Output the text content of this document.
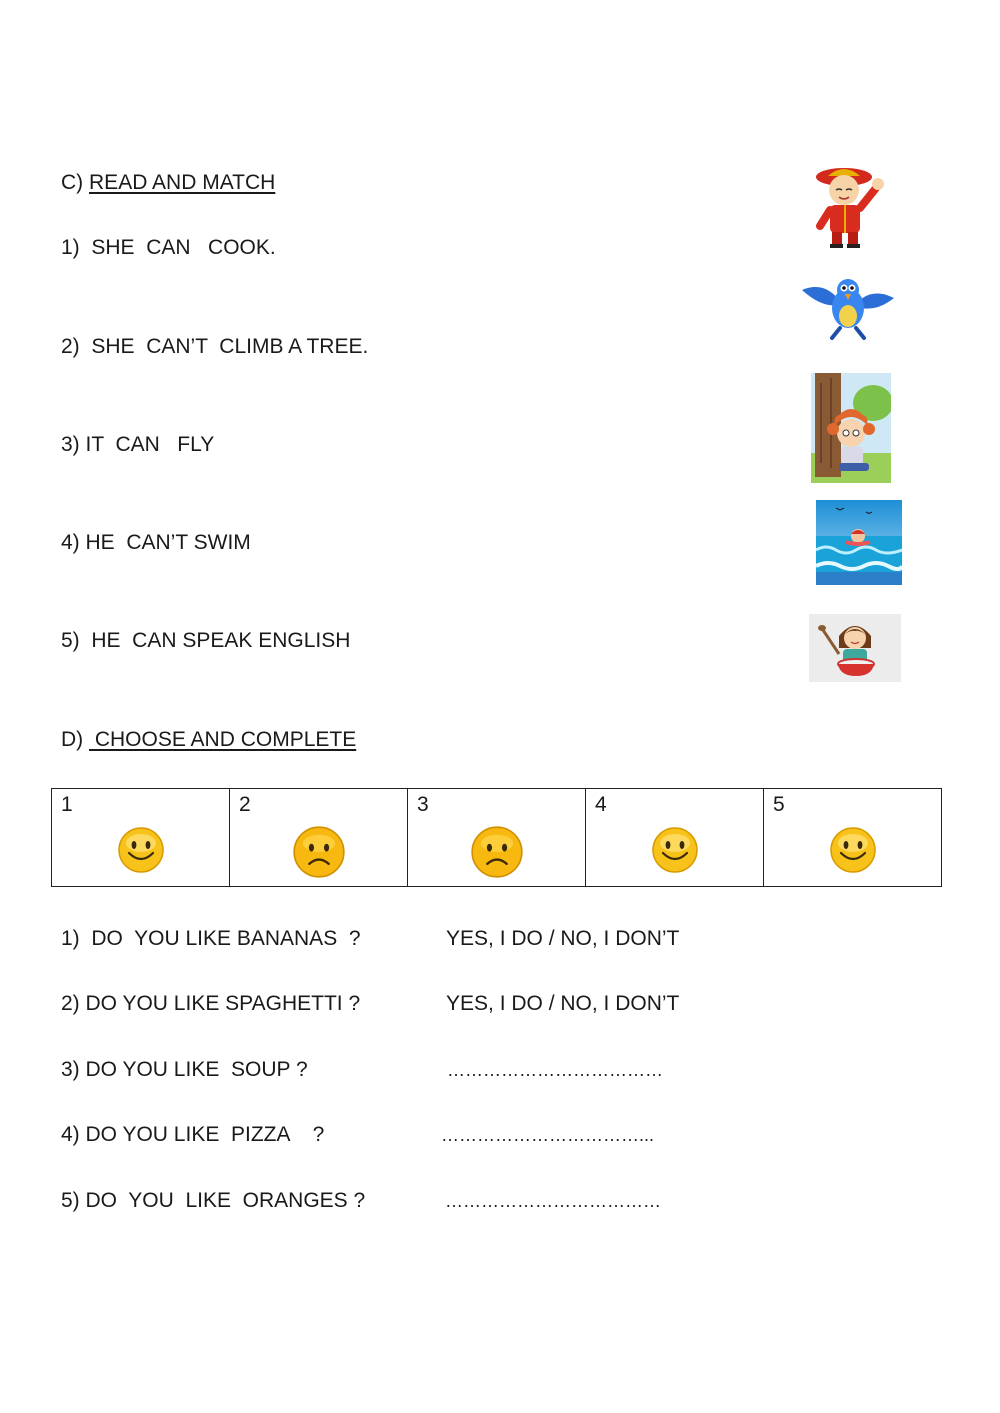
C) READ AND MATCH
1)  SHE  CAN   COOK.
2)  SHE  CAN’T  CLIMB A TREE.
3) IT  CAN   FLY
4) HE  CAN’T SWIM
5)  HE  CAN SPEAK ENGLISH
D)  CHOOSE AND COMPLETE
1	2	3	4	5
1)  DO  YOU LIKE BANANAS  ?	YES, I DO / NO, I DON’T
2) DO YOU LIKE SPAGHETTI ?	YES, I DO / NO, I DON’T
3) DO YOU LIKE  SOUP ?	………………………………
4) DO YOU LIKE  PIZZA    ?	……………………………...
5) DO  YOU  LIKE  ORANGES ?	………………………………
